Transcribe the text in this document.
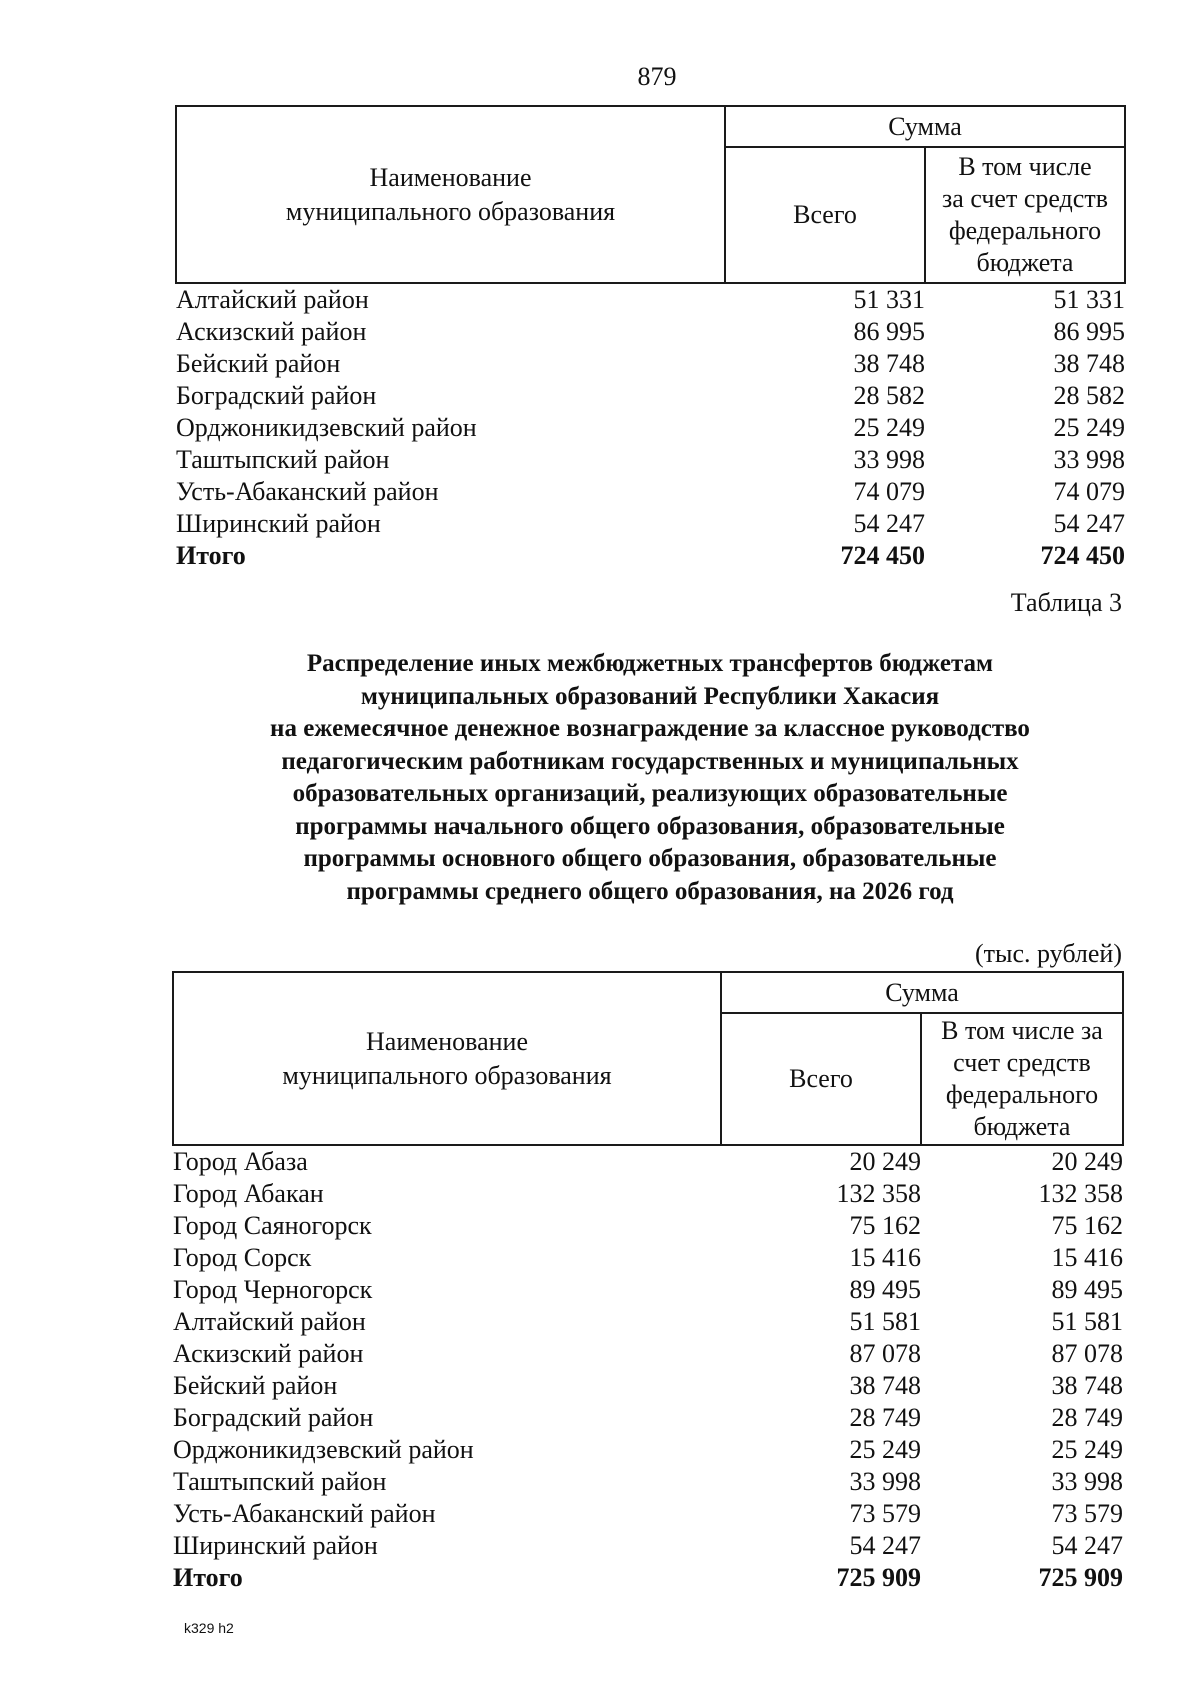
879
Наименование
муниципального образования	Сумма	
	Всего	В том числе
за счет средств
федерального
бюджета

Алтайский район	51 331	51 331
Аскизский район	86 995	86 995
Бейский район	38 748	38 748
Боградский район	28 582	28 582
Орджоникидзевский район	25 249	25 249
Таштыпский район	33 998	33 998
Усть-Абаканский район	74 079	74 079
Ширинский район	54 247	54 247
Итого	724 450	724 450
Таблица 3
Распределение иных межбюджетных трансфертов бюджетам
муниципальных образований Республики Хакасия
на ежемесячное денежное вознаграждение за классное руководство
педагогическим работникам государственных и муниципальных
образовательных организаций, реализующих образовательные
программы начального общего образования, образовательные
программы основного общего образования, образовательные
программы среднего общего образования, на 2026 год
(тыс. рублей)
Наименование
муниципального образования	Сумма	
	Всего	В том числе за
счет средств
федерального
бюджета

Город Абаза	20 249	20 249
Город Абакан	132 358	132 358
Город Саяногорск	75 162	75 162
Город Сорск	15 416	15 416
Город Черногорск	89 495	89 495
Алтайский район	51 581	51 581
Аскизский район	87 078	87 078
Бейский район	38 748	38 748
Боградский район	28 749	28 749
Орджоникидзевский район	25 249	25 249
Таштыпский район	33 998	33 998
Усть-Абаканский район	73 579	73 579
Ширинский район	54 247	54 247
Итого	725 909	725 909
k329 h2
